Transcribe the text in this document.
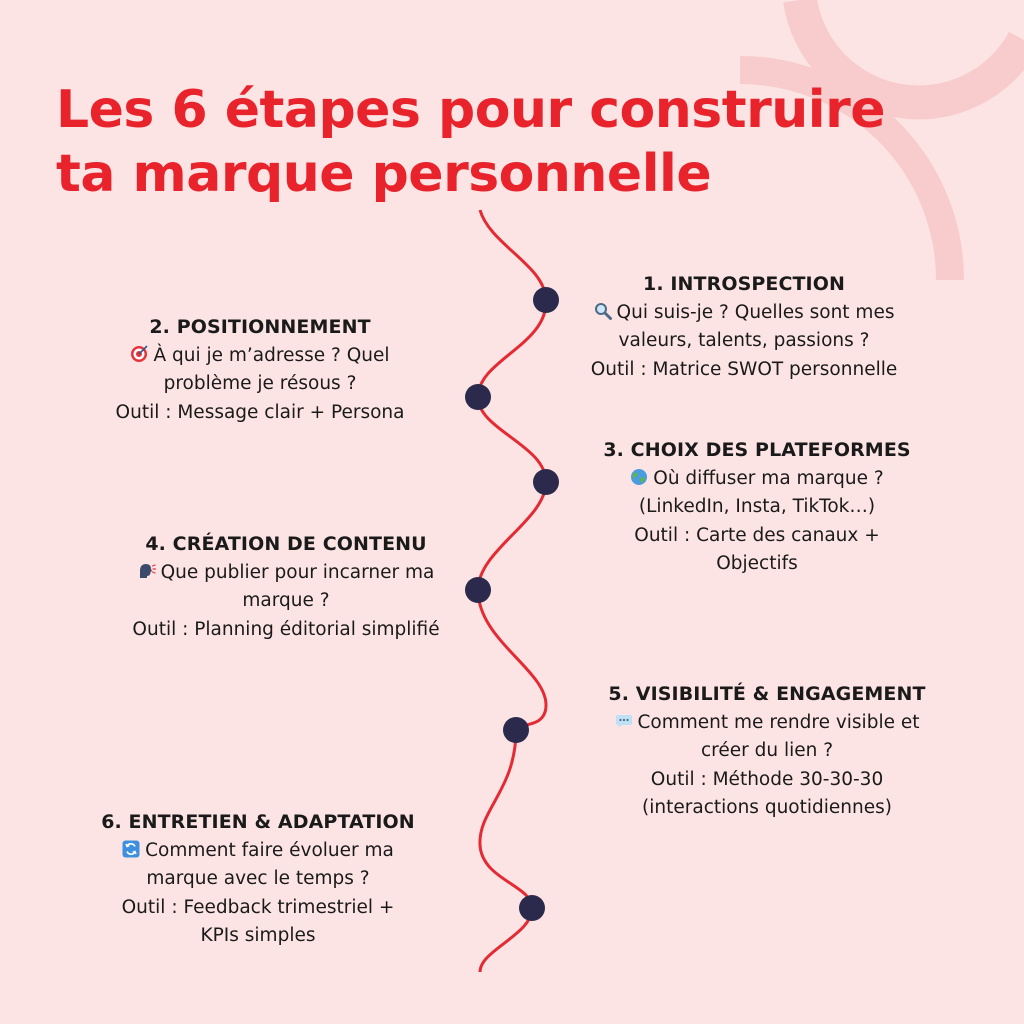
Les 6 étapes pour construire
ta marque personnelle
1. INTROSPECTION
Qui suis-je ? Quelles sont mes
valeurs, talents, passions ?
Outil : Matrice SWOT personnelle
2. POSITIONNEMENT
À qui je m’adresse ? Quel
problème je résous ?
Outil : Message clair + Persona
3. CHOIX DES PLATEFORMES
Où diffuser ma marque ?
(LinkedIn, Insta, TikTok…)
Outil : Carte des canaux +
Objectifs
4. CRÉATION DE CONTENU
Que publier pour incarner ma
marque ?
Outil : Planning éditorial simplifié
5. VISIBILITÉ & ENGAGEMENT
Comment me rendre visible et
créer du lien ?
Outil : Méthode 30-30-30
(interactions quotidiennes)
6. ENTRETIEN & ADAPTATION
Comment faire évoluer ma
marque avec le temps ?
Outil : Feedback trimestriel +
KPIs simples
